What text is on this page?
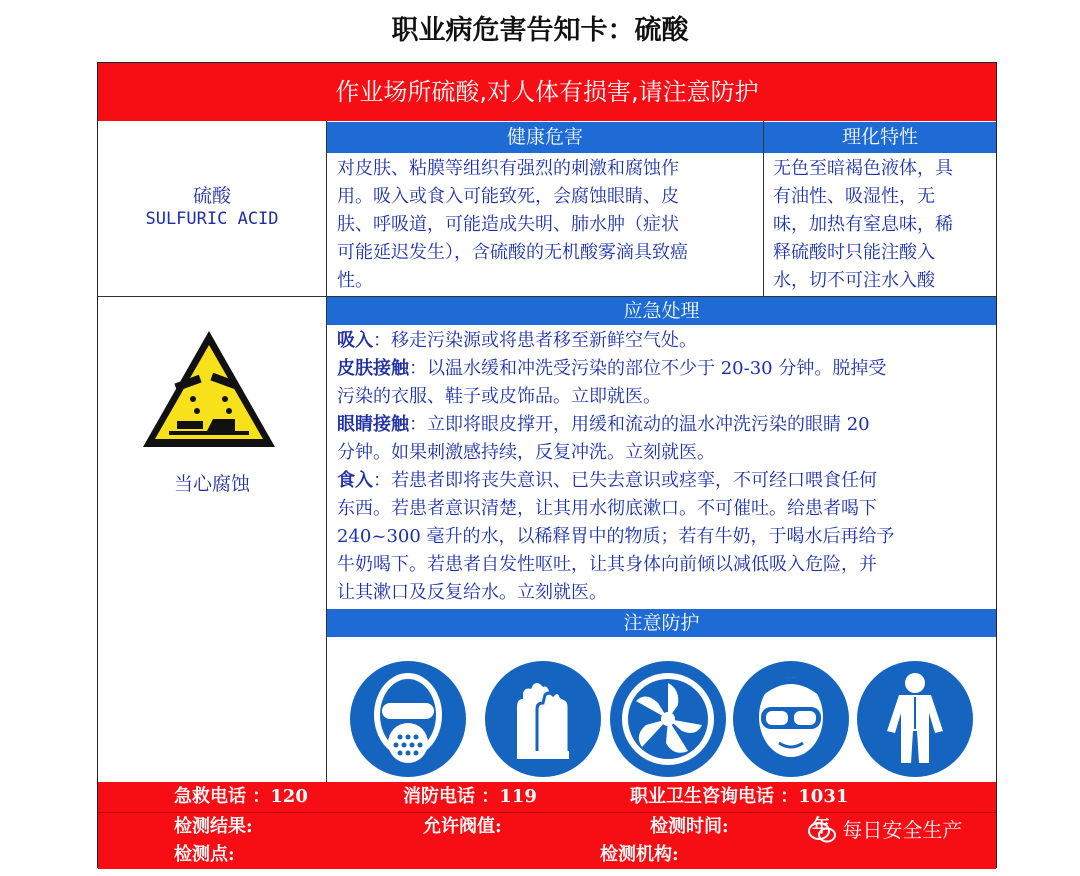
职业病危害告知卡：硫酸
作业场所硫酸,对人体有损害,请注意防护
硫酸
SULFURIC ACID
当心腐蚀
健康危害	理化特性
对皮肤、粘膜等组织有强烈的刺激和腐蚀作
用。吸入或食入可能致死，会腐蚀眼睛、皮
肤、呼吸道，可能造成失明、肺水肿（症状
可能延迟发生），含硫酸的无机酸雾滴具致癌
性。
无色至暗褐色液体，具
有油性、吸湿性，无
味，加热有窒息味，稀
释硫酸时只能注酸入
水，切不可注水入酸
应急处理
吸入：移走污染源或将患者移至新鲜空气处。
皮肤接触：以温水缓和冲洗受污染的部位不少于 20-30 分钟。脱掉受
污染的衣服、鞋子或皮饰品。立即就医。
眼睛接触：立即将眼皮撑开，用缓和流动的温水冲洗污染的眼睛 20
分钟。如果刺激感持续，反复冲洗。立刻就医。
食入：若患者即将丧失意识、已失去意识或痉挛，不可经口喂食任何
东西。若患者意识清楚，让其用水彻底漱口。不可催吐。给患者喝下
240~300 毫升的水，以稀释胃中的物质；若有牛奶，于喝水后再给予
牛奶喝下。若患者自发性呕吐，让其身体向前倾以减低吸入危险，并
让其漱口及反复给水。立刻就医。
注意防护
急救电话 ：120	消防电话 ：119	职业卫生咨询电话 ：1031
检测结果:	允许阀值:	检测时间:	年
检测点:	检测机构:
每日安全生产
